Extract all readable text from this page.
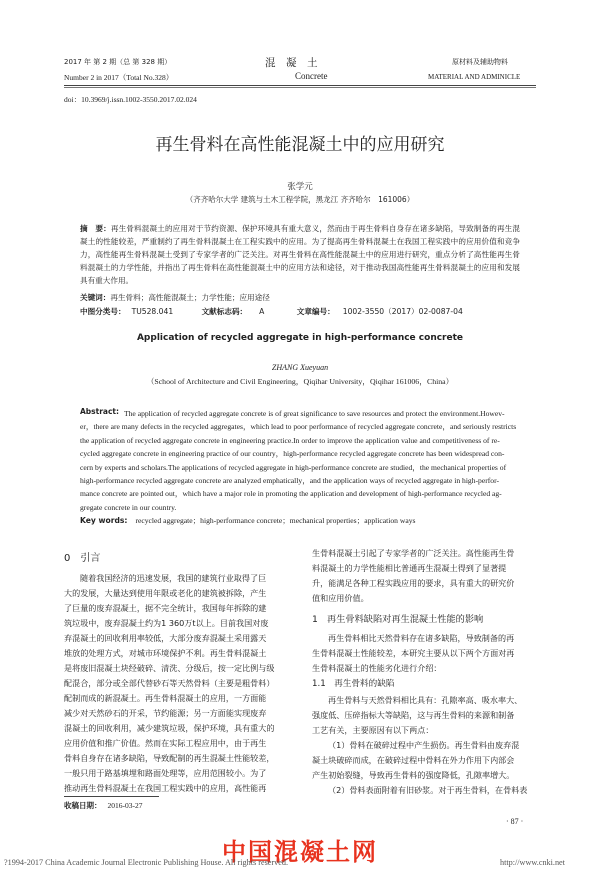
2017 年 第 2 期（总 第 328 期）
Number 2 in 2017（Total No.328）
混　凝　土
Concrete
原材料及辅助物料
MATERIAL AND ADMINICLE
doi：10.3969/j.issn.1002-3550.2017.02.024
再生骨料在高性能混凝土中的应用研究
张学元
（齐齐哈尔大学 建筑与土木工程学院，黑龙江 齐齐哈尔　161006）
摘　要：再生骨料混凝土的应用对于节约资源、保护环境具有重大意义，然而由于再生骨料自身存在诸多缺陷，导致制备的再生混凝土的性能较差，严重制约了再生骨料混凝土在工程实践中的应用。为了提高再生骨料混凝土在我国工程实践中的应用价值和竞争力，高性能再生骨料混凝土受到了专家学者的广泛关注。对再生骨料在高性能混凝土中的应用进行研究，重点分析了高性能再生骨料混凝土的力学性能，并指出了再生骨料在高性能混凝土中的应用方法和途径，对于推动我国高性能再生骨料混凝土的应用和发展具有重大作用。
关键词：再生骨料；高性能混凝土；力学性能；应用途径
中图分类号： TU528.041	文献标志码： A	文章编号： 1002-3550（2017）02-0087-04
Application of recycled aggregate in high-performance concrete
ZHANG Xueyuan
（School of Architecture and Civil Engineering，Qiqihar University，Qiqihar 161006，China）
Abstract: The application of recycled aggregate concrete is of great significance to save resources and protect the environment.Howev-
er，there are many defects in the recycled aggregates，which lead to poor performance of recycled aggregate concrete，and seriously restricts
the application of recycled aggregate concrete in engineering practice.In order to improve the application value and competitiveness of re-
cycled aggregate concrete in engineering practice of our country，high-performance recycled aggregate concrete has been widespread con-
cern by experts and scholars.The applications of recycled aggregate in high-performance concrete are studied，the mechanical properties of
high-performance recycled aggregate concrete are analyzed emphatically，and the application ways of recycled aggregate in high-perfor-
mance concrete are pointed out，which have a major role in promoting the application and development of high-performance recycled ag-
gregate concrete in our country.
Key words: recycled aggregate；high-performance concrete；mechanical properties；application ways
0　引言
随着我国经济的迅速发展，我国的建筑行业取得了巨
大的发展，大量达到使用年限或老化的建筑被拆除，产生
了巨量的废弃混凝土，据不完全统计，我国每年拆除的建
筑垃圾中，废弃混凝土约为1 360万t以上。目前我国对废
弃混凝土的回收利用率较低，大部分废弃混凝土采用露天
堆放的处理方式，对城市环境保护不利。再生骨料混凝土
是将废旧混凝土块经破碎、清洗、分级后，按一定比例与级
配混合，部分或全部代替砂石等天然骨料（主要是粗骨料）
配制而成的新混凝土。再生骨料混凝土的应用，一方面能
减少对天然砂石的开采，节约能源；另一方面能实现废弃
混凝土的回收利用，减少建筑垃圾，保护环境，具有重大的
应用价值和推广价值。然而在实际工程应用中，由于再生
骨料自身存在诸多缺陷，导致配制的再生混凝土性能较差，
一般只用于路基填埋和路面处理等，应用范围较小。为了
推动再生骨料混凝土在我国工程实践中的应用，高性能再
收稿日期： 2016-03-27
生骨料混凝土引起了专家学者的广泛关注。高性能再生骨
料混凝土的力学性能相比普通再生混凝土得到了显著提
升，能满足各种工程实践应用的要求，具有重大的研究价
值和应用价值。
1　再生骨料缺陷对再生混凝土性能的影响
再生骨料相比天然骨料存在诸多缺陷，导致制备的再
生骨料混凝土性能较差，本研究主要从以下两个方面对再
生骨料混凝土的性能劣化进行介绍：
1.1　再生骨料的缺陷
再生骨料与天然骨料相比具有：孔隙率高、吸水率大、
强度低、压碎指标大等缺陷，这与再生骨料的来源和制备
工艺有关，主要原因有以下两点：
（1）骨料在破碎过程中产生损伤。再生骨料由废弃混
凝土块破碎而成，在破碎过程中骨料在外力作用下内部会
产生初始裂缝，导致再生骨料的强度降低，孔隙率增大。
（2）骨料表面附着有旧砂浆。对于再生骨料，在骨料表
· 87 ·
中国混凝土网
?1994-2017 China Academic Journal Electronic Publishing House. All rights reserved.	http://www.cnki.net
